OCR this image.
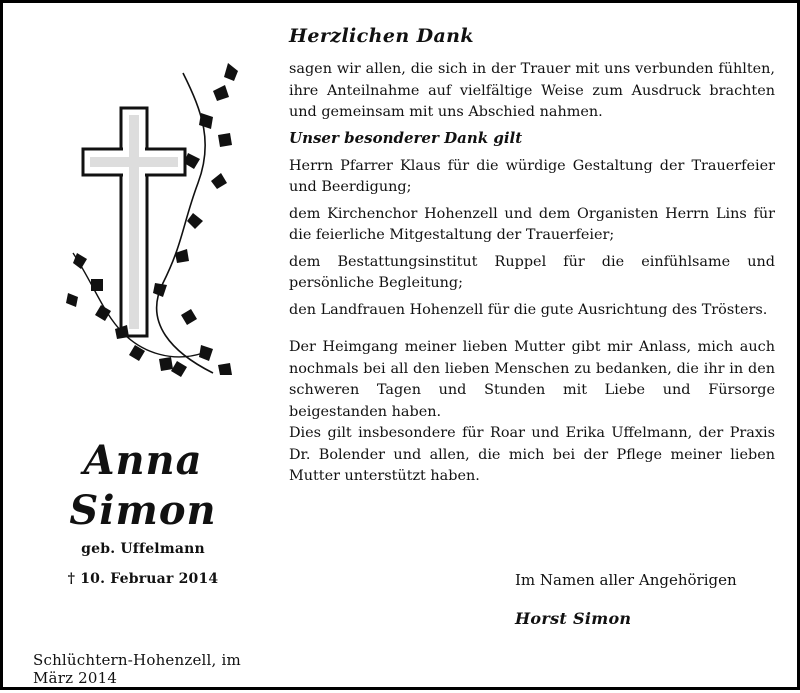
Anna
Simon
geb. Uffelmann
† 10. Februar 2014
Schlüchtern-Hohenzell, im März 2014
Herzlichen Dank

sagen wir allen, die sich in der Trauer mit uns verbunden fühlten, ihre Anteilnahme auf vielfältige Weise zum Ausdruck brachten und gemeinsam mit uns Abschied nahmen.

Unser besonderer Dank gilt

Herrn Pfarrer Klaus für die würdige Gestaltung der Trauerfeier und Beerdigung;

dem Kirchenchor Hohenzell und dem Organisten Herrn Lins für die feierliche Mitgestaltung der Trauerfeier;

dem Bestattungsinstitut Ruppel für die einfühlsame und persönliche Begleitung;

den Landfrauen Hohenzell für die gute Ausrichtung des Trösters.

Der Heimgang meiner lieben Mutter gibt mir Anlass, mich auch nochmals bei all den lieben Menschen zu bedanken, die ihr in den schweren Tagen und Stunden mit Liebe und Fürsorge beigestanden haben.

Dies gilt insbesondere für Roar und Erika Uffelmann, der Praxis Dr. Bolender und allen, die mich bei der Pflege meiner lieben Mutter unterstützt haben.

Im Namen aller Angehörigen
Horst Simon
